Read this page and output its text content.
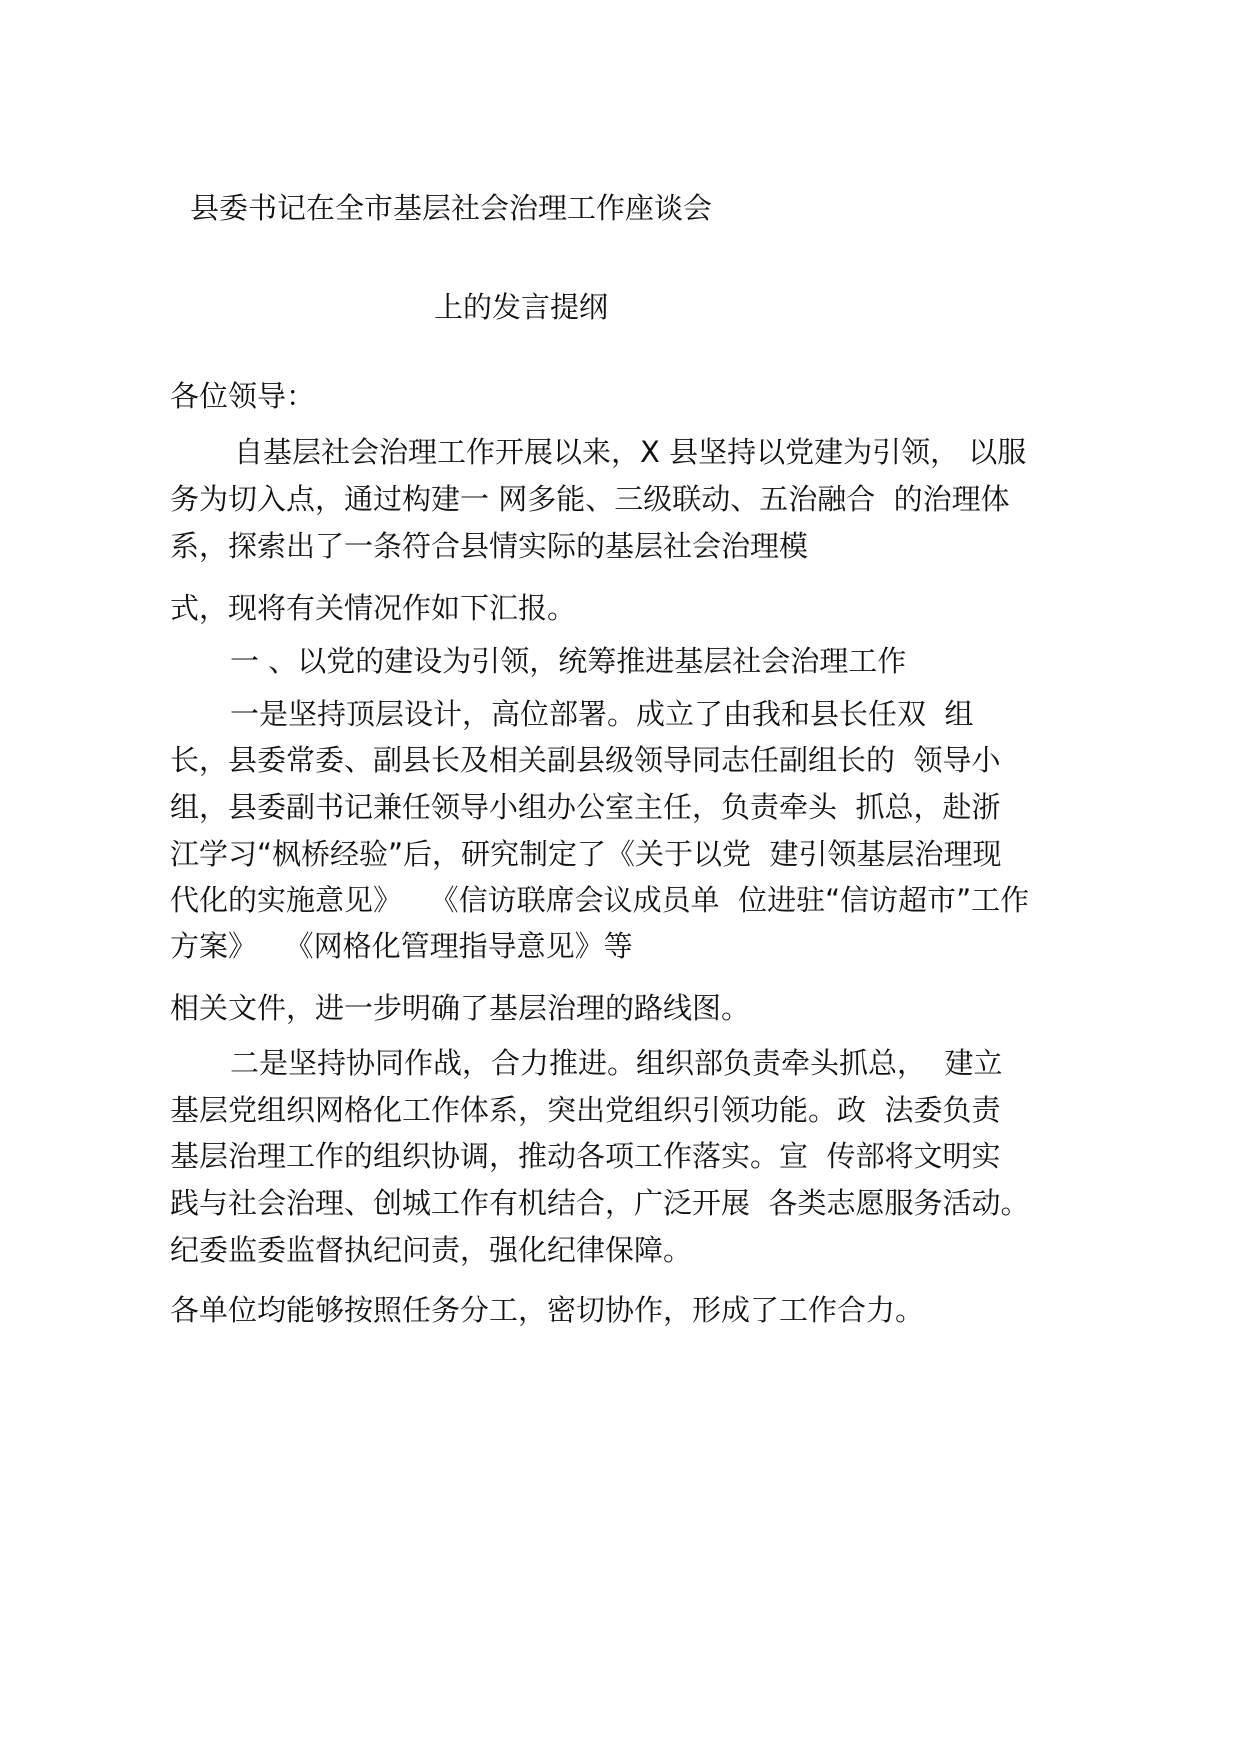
县委书记在全市基层社会治理工作座谈会

上的发言提纲

各位领导：

自基层社会治理工作开展以来，X 县坚持以党建为引领， 以服

务为切入点，通过构建一 网多能、三级联动、五治融合  的治理体

系，探索出了一条符合县情实际的基层社会治理模

式，现将有关情况作如下汇报。

一 、以党的建设为引领，统筹推进基层社会治理工作

一是坚持顶层设计，高位部署。成立了由我和县长任双  组

长，县委常委、副县长及相关副县级领导同志任副组长的  领导小

组，县委副书记兼任领导小组办公室主任，负责牵头  抓总，赴浙

江学习“枫桥经验”后，研究制定了《关于以党  建引领基层治理现

代化的实施意见》   《信访联席会议成员单  位进驻“信访超市”工作

方案》   《网格化管理指导意见》等

相关文件，进一步明确了基层治理的路线图。

二是坚持协同作战，合力推进。组织部负责牵头抓总，  建立

基层党组织网格化工作体系，突出党组织引领功能。政  法委负责

基层治理工作的组织协调，推动各项工作落实。宣  传部将文明实

践与社会治理、创城工作有机结合，广泛开展  各类志愿服务活动。

纪委监委监督执纪问责，强化纪律保障。

各单位均能够按照任务分工，密切协作，形成了工作合力。
